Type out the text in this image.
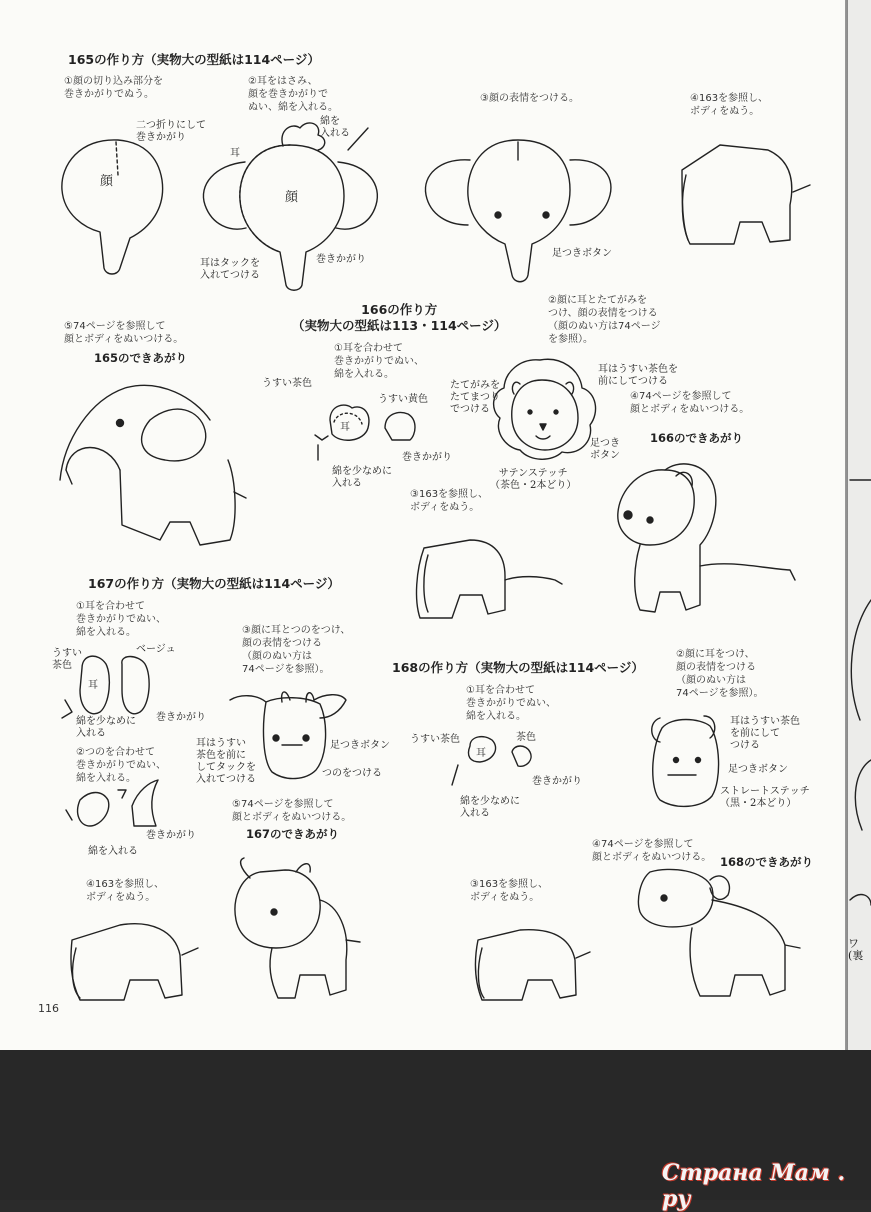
165の作り方（実物大の型紙は114ページ）
①顔の切り込み部分を
巻きかがりでぬう。
②耳をはさみ、
顔を巻きかがりで
ぬい、綿を入れる。
③顔の表情をつける。	④163を参照し、
ボディをぬう。
⑤74ページを参照して
顔とボディをぬいつける。
165のできあがり
二つ折りにして
巻きかがり
顔
耳
顔
綿を
入れる
耳はタックを
入れてつける
巻きかがり
足つきボタン
166の作り方
（実物大の型紙は113・114ページ）
①耳を合わせて
巻きかがりでぬい、
綿を入れる。
②顔に耳とたてがみを
つけ、顔の表情をつける
（顔のぬい方は74ページ
を参照）。
③163を参照し、
ボディをぬう。
④74ページを参照して
顔とボディをぬいつける。
166のできあがり
うすい茶色
うすい黄色
耳
巻きかがり
綿を少なめに
入れる
たてがみを
たてまつり
でつける
耳はうすい茶色を
前にしてつける
足つき
ボタン
サテンステッチ
（茶色・2本どり）
167の作り方（実物大の型紙は114ページ）
①耳を合わせて
巻きかがりでぬい、
綿を入れる。
②つのを合わせて
巻きかがりでぬい、
綿を入れる。
③顔に耳とつのをつけ、
顔の表情をつける
（顔のぬい方は
74ページを参照）。
④163を参照し、
ボディをぬう。
⑤74ページを参照して
顔とボディをぬいつける。
167のできあがり
うすい
茶色
ベージュ
耳
綿を少なめに
入れる
巻きかがり
耳はうすい
茶色を前に
してタックを
入れてつける
足つきボタン
つのをつける
巻きかがり
綿を入れる
168の作り方（実物大の型紙は114ページ）
①耳を合わせて
巻きかがりでぬい、
綿を入れる。
②顔に耳をつけ、
顔の表情をつける
（顔のぬい方は
74ページを参照）。
③163を参照し、
ボディをぬう。
④74ページを参照して
顔とボディをぬいつける。 168のできあがり
うすい茶色	茶色
耳
巻きかがり
綿を少なめに
入れる
耳はうすい茶色
を前にして
つける
足つきボタン
ストレートステッチ
（黒・2本どり）
116
ワ
(裏
Страна Мам . ру
